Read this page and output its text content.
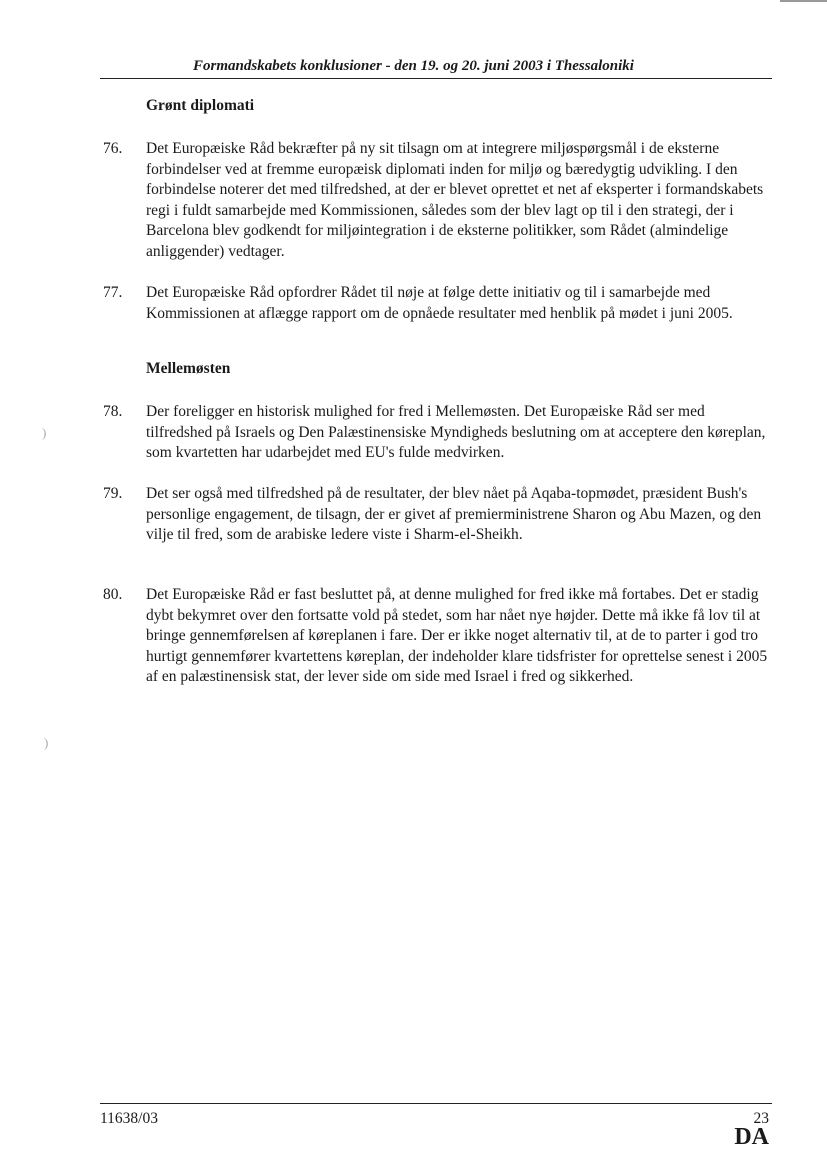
Formandskabets konklusioner - den 19. og 20. juni 2003 i Thessaloniki
Grønt diplomati
76. Det Europæiske Råd bekræfter på ny sit tilsagn om at integrere miljøspørgsmål i de eksterne forbindelser ved at fremme europæisk diplomati inden for miljø og bæredygtig udvikling. I den forbindelse noterer det med tilfredshed, at der er blevet oprettet et net af eksperter i formandskabets regi i fuldt samarbejde med Kommissionen, således som der blev lagt op til i den strategi, der i Barcelona blev godkendt for miljøintegration i de eksterne politikker, som Rådet (almindelige anliggender) vedtager.
77. Det Europæiske Råd opfordrer Rådet til nøje at følge dette initiativ og til i samarbejde med Kommissionen at aflægge rapport om de opnåede resultater med henblik på mødet i juni 2005.
Mellemøsten
78. Der foreligger en historisk mulighed for fred i Mellemøsten. Det Europæiske Råd ser med tilfredshed på Israels og Den Palæstinensiske Myndigheds beslutning om at acceptere den køreplan, som kvartetten har udarbejdet med EU's fulde medvirken.
79. Det ser også med tilfredshed på de resultater, der blev nået på Aqaba-topmødet, præsident Bush's personlige engagement, de tilsagn, der er givet af premierministrene Sharon og Abu Mazen, og den vilje til fred, som de arabiske ledere viste i Sharm-el-Sheikh.
80. Det Europæiske Råd er fast besluttet på, at denne mulighed for fred ikke må fortabes. Det er stadig dybt bekymret over den fortsatte vold på stedet, som har nået nye højder. Dette må ikke få lov til at bringe gennemførelsen af køreplanen i fare. Der er ikke noget alternativ til, at de to parter i god tro hurtigt gennemfører kvartettens køreplan, der indeholder klare tidsfrister for oprettelse senest i 2005 af en palæstinensisk stat, der lever side om side med Israel i fred og sikkerhed.
)
)
11638/03	23
DA
